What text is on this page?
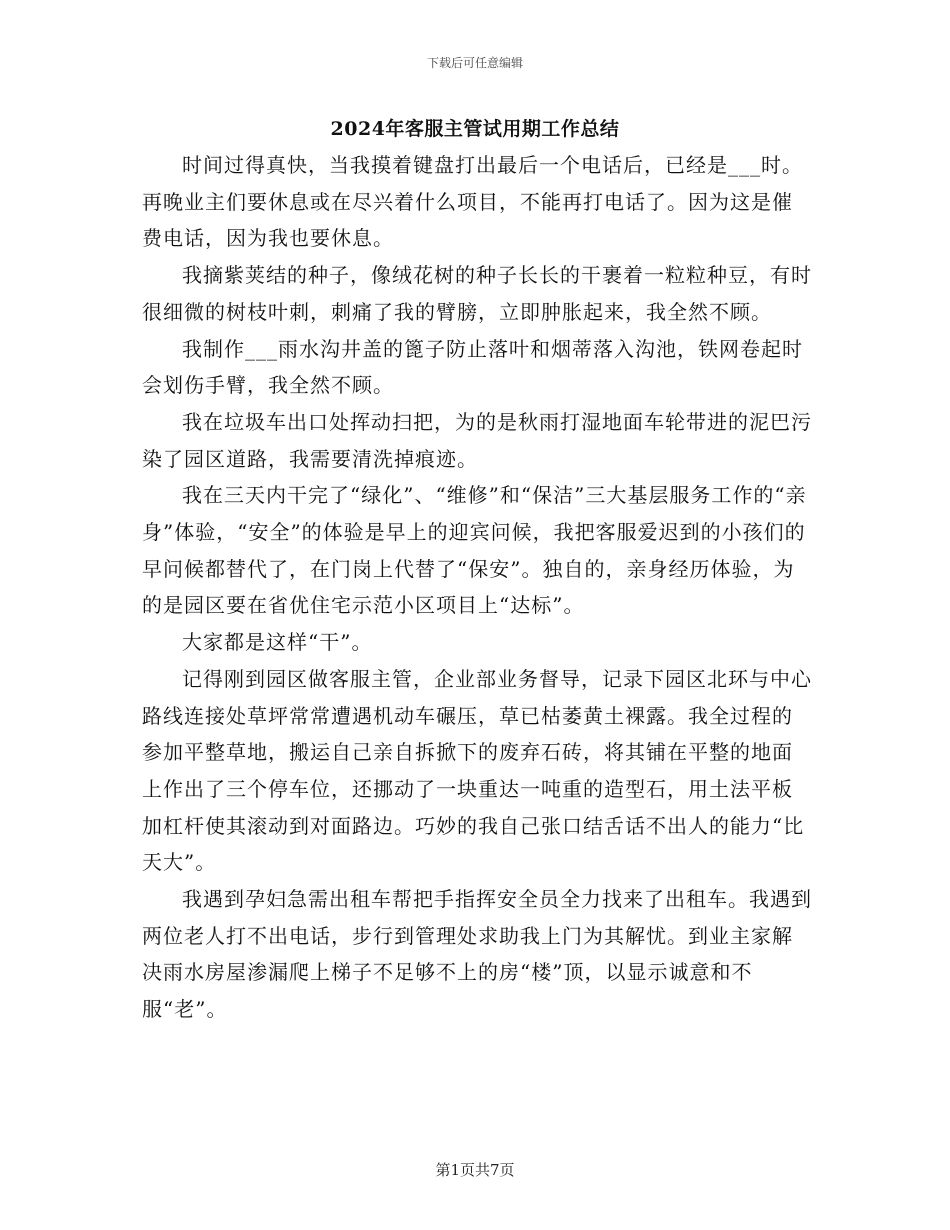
下载后可任意编辑
2024年客服主管试用期工作总结

时间过得真快，当我摸着键盘打出最后一个电话后，已经是___时。再晚业主们要休息或在尽兴着什么项目，不能再打电话了。因为这是催费电话，因为我也要休息。

我摘紫荚结的种子，像绒花树的种子长长的干裹着一粒粒种豆，有时很细微的树枝叶刺，刺痛了我的臂膀，立即肿胀起来，我全然不顾。

我制作___雨水沟井盖的篦子防止落叶和烟蒂落入沟池，铁网卷起时会划伤手臂，我全然不顾。

我在垃圾车出口处挥动扫把，为的是秋雨打湿地面车轮带进的泥巴污染了园区道路，我需要清洗掉痕迹。

我在三天内干完了“绿化”、“维修”和“保洁”三大基层服务工作的“亲身”体验，“安全”的体验是早上的迎宾问候，我把客服爱迟到的小孩们的早问候都替代了，在门岗上代替了“保安”。独自的，亲身经历体验，为的是园区要在省优住宅示范小区项目上“达标”。

大家都是这样“干”。

记得刚到园区做客服主管，企业部业务督导，记录下园区北环与中心路线连接处草坪常常遭遇机动车碾压，草已枯萎黄土裸露。我全过程的参加平整草地，搬运自己亲自拆掀下的废弃石砖，将其铺在平整的地面上作出了三个停车位，还挪动了一块重达一吨重的造型石，用土法平板加杠杆使其滚动到对面路边。巧妙的我自己张口结舌话不出人的能力“比天大”。

我遇到孕妇急需出租车帮把手指挥安全员全力找来了出租车。我遇到两位老人打不出电话，步行到管理处求助我上门为其解忧。到业主家解决雨水房屋渗漏爬上梯子不足够不上的房“楼”顶，以显示诚意和不服“老”。

第1页共7页
